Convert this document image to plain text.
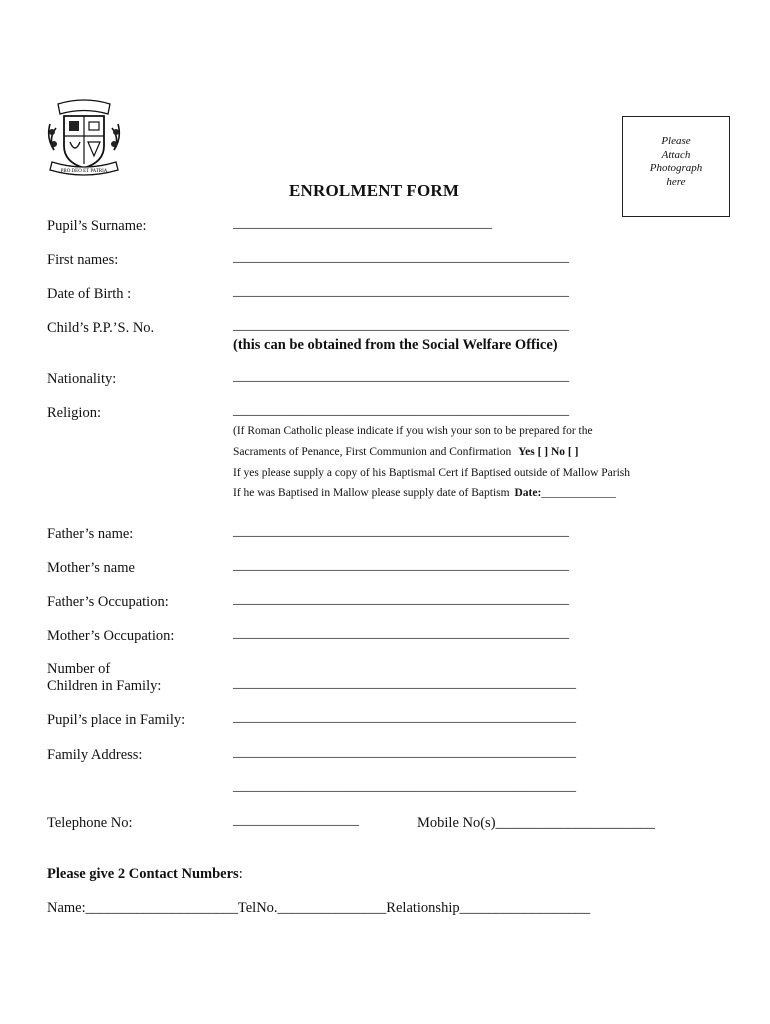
PRO DEO ET PATRIA
Please
Attach
Photograph
here
ENROLMENT FORM
Pupil’s Surname:	_____________________________________
First names:	________________________________________________
Date of Birth :	________________________________________________
Child’s P.P.’S. No.	________________________________________________
(this can be obtained from the Social Welfare Office)
Nationality:	________________________________________________
Religion:	________________________________________________
(If Roman Catholic please indicate if you wish your son to be prepared for the
Sacraments of Penance, First Communion and Confirmation Yes [ ] No [ ]
If yes please supply a copy of his Baptismal Cert if Baptised outside of Mallow Parish
If he was Baptised in Mallow please supply date of Baptism Date:_____________
Father’s name:	________________________________________________
Mother’s name	________________________________________________
Father’s Occupation:	________________________________________________
Mother’s Occupation:	________________________________________________
Number of
Children in Family:	_________________________________________________
Pupil’s place in Family:	_________________________________________________
Family Address:	_________________________________________________
_________________________________________________
Telephone No:	__________________	Mobile No(s)______________________
Please give 2 Contact Numbers:
Name:_____________________TelNo._______________Relationship__________________
